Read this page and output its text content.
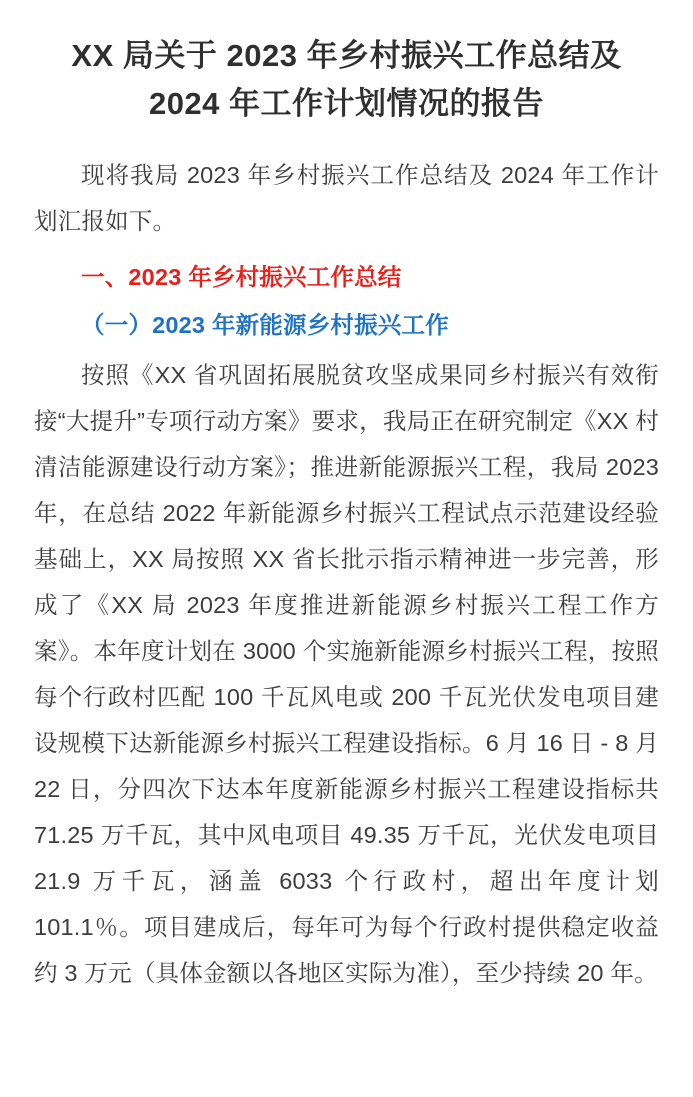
XX 局关于 2023 年乡村振兴工作总结及 2024 年工作计划情况的报告

现将我局 2023 年乡村振兴工作总结及 2024 年工作计划汇报如下。

一、2023 年乡村振兴工作总结
（一）2023 年新能源乡村振兴工作

按照《XX 省巩固拓展脱贫攻坚成果同乡村振兴有效衔接“大提升”专项行动方案》要求，我局正在研究制定《XX 村清洁能源建设行动方案》；推进新能源振兴工程，我局 2023 年，在总结 2022 年新能源乡村振兴工程试点示范建设经验基础上，XX 局按照 XX 省长批示指示精神进一步完善，形成了《XX 局 2023 年度推进新能源乡村振兴工程工作方案》。本年度计划在 3000 个实施新能源乡村振兴工程，按照每个行政村匹配 100 千瓦风电或 200 千瓦光伏发电项目建设规模下达新能源乡村振兴工程建设指标。6 月 16 日 - 8 月 22 日，分四次下达本年度新能源乡村振兴工程建设指标共 71.25 万千瓦，其中风电项目 49.35 万千瓦，光伏发电项目 21.9 万千瓦，涵盖 6033 个行政村，超出年度计划 101.1％。项目建成后，每年可为每个行政村提供稳定收益约 3 万元（具体金额以各地区实际为准），至少持续 20 年。
